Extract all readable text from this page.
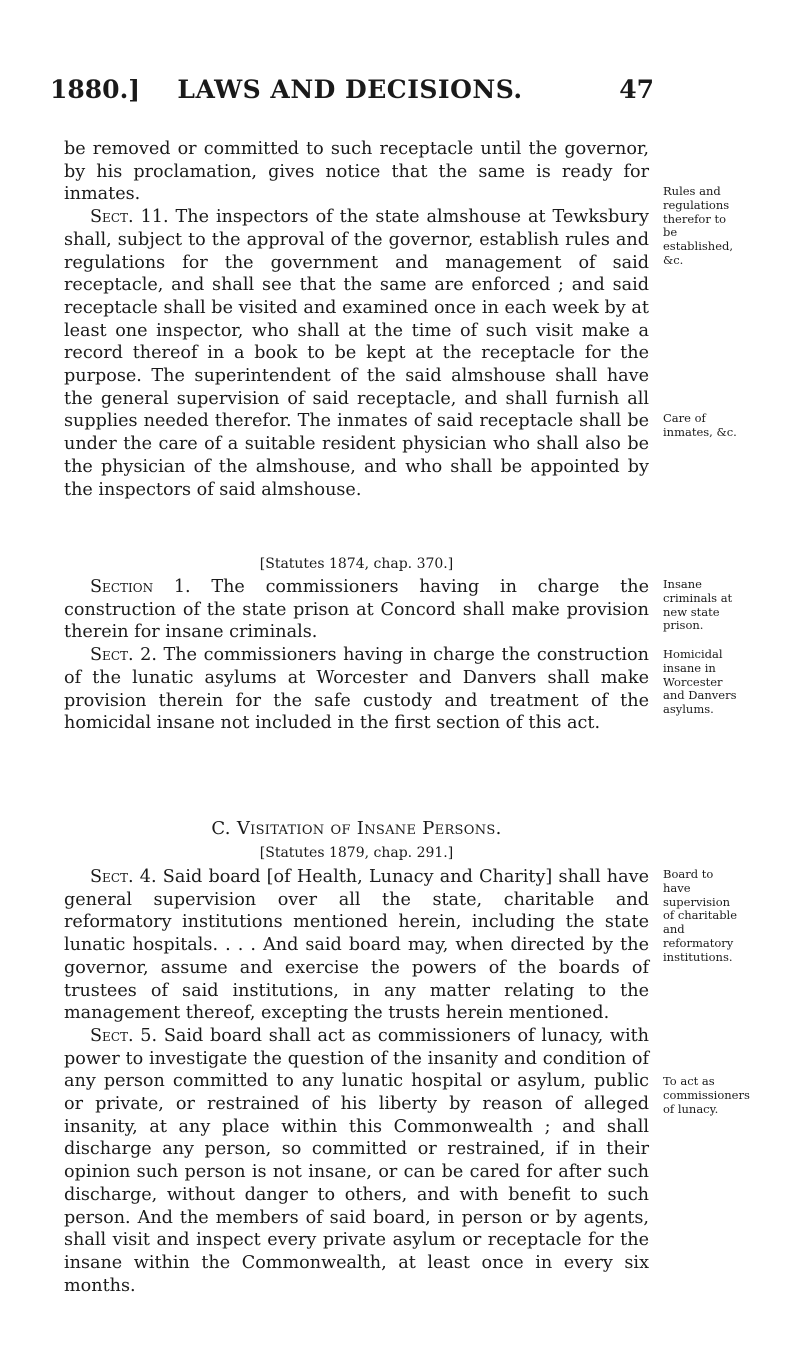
1880.]	LAWS AND DECISIONS.	47

be removed or committed to such receptacle until the governor, by his proclamation, gives notice that the same is ready for inmates.

Sect. 11. The inspectors of the state almshouse at Tewksbury shall, subject to the approval of the governor, establish rules and regulations for the government and management of said receptacle, and shall see that the same are enforced ; and said receptacle shall be visited and examined once in each week by at least one inspector, who shall at the time of such visit make a record thereof in a book to be kept at the receptacle for the purpose. The superintendent of the said almshouse shall have the general supervision of said receptacle, and shall furnish all supplies needed therefor. The inmates of said receptacle shall be under the care of a suitable resident physician who shall also be the physician of the almshouse, and who shall be appointed by the inspectors of said almshouse.

[Statutes 1874, chap. 370.]

Section 1. The commissioners having in charge the construction of the state prison at Concord shall make provision therein for insane criminals.

Sect. 2. The commissioners having in charge the construction of the lunatic asylums at Worcester and Danvers shall make provision therein for the safe custody and treatment of the homicidal insane not included in the first section of this act.

C. Visitation of Insane Persons.
[Statutes 1879, chap. 291.]

Sect. 4. Said board [of Health, Lunacy and Charity] shall have general supervision over all the state, charitable and reformatory institutions mentioned herein, including the state lunatic hospitals. . . . And said board may, when directed by the governor, assume and exercise the powers of the boards of trustees of said institutions, in any matter relating to the management thereof, excepting the trusts herein mentioned.

Sect. 5. Said board shall act as commissioners of lunacy, with power to investigate the question of the insanity and condition of any person committed to any lunatic hospital or asylum, public or private, or restrained of his liberty by reason of alleged insanity, at any place within this Commonwealth ; and shall discharge any person, so committed or restrained, if in their opinion such person is not insane, or can be cared for after such discharge, without danger to others, and with benefit to such person. And the members of said board, in person or by agents, shall visit and inspect every private asylum or receptacle for the insane within the Commonwealth, at least once in every six months.

Rules and regulations therefor to be established, &c.
Care of inmates, &c.
Insane criminals at new state prison.
Homicidal insane in Worcester and Danvers asylums.
Board to have supervision of charitable and reformatory institutions.
To act as commissioners of lunacy.
